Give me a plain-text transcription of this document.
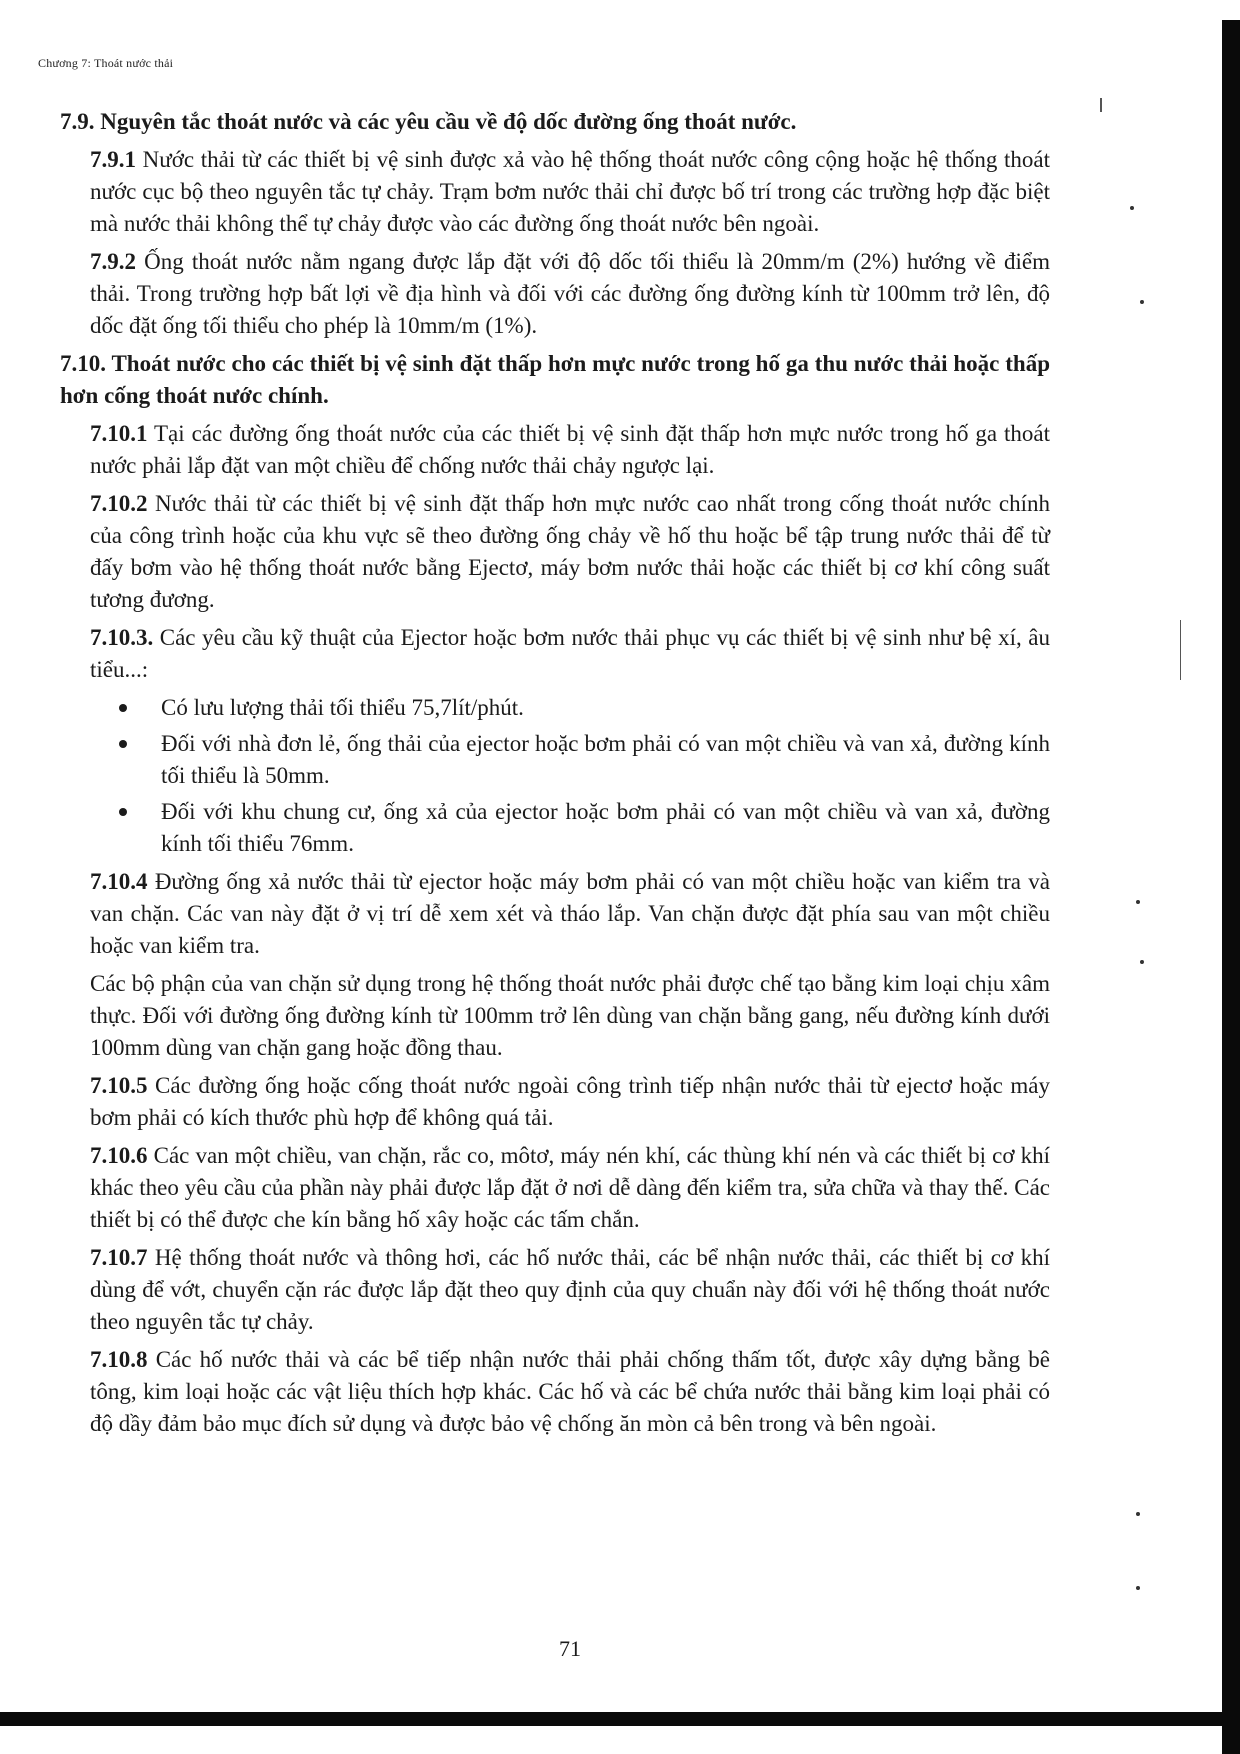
Chương 7: Thoát nước thải
7.9. Nguyên tắc thoát nước và các yêu cầu về độ dốc đường ống thoát nước.

7.9.1 Nước thải từ các thiết bị vệ sinh được xả vào hệ thống thoát nước công cộng hoặc hệ thống thoát nước cục bộ theo nguyên tắc tự chảy. Trạm bơm nước thải chỉ được bố trí trong các trường hợp đặc biệt mà nước thải không thể tự chảy được vào các đường ống thoát nước bên ngoài.

7.9.2 Ống thoát nước nằm ngang được lắp đặt với độ dốc tối thiểu là 20mm/m (2%) hướng về điểm thải. Trong trường hợp bất lợi về địa hình và đối với các đường ống đường kính từ 100mm trở lên, độ dốc đặt ống tối thiểu cho phép là 10mm/m (1%).

7.10. Thoát nước cho các thiết bị vệ sinh đặt thấp hơn mực nước trong hố ga thu nước thải hoặc thấp hơn cống thoát nước chính.

7.10.1 Tại các đường ống thoát nước của các thiết bị vệ sinh đặt thấp hơn mực nước trong hố ga thoát nước phải lắp đặt van một chiều để chống nước thải chảy ngược lại.

7.10.2 Nước thải từ các thiết bị vệ sinh đặt thấp hơn mực nước cao nhất trong cống thoát nước chính của công trình hoặc của khu vực sẽ theo đường ống chảy về hố thu hoặc bể tập trung nước thải để từ đấy bơm vào hệ thống thoát nước bằng Ejectơ, máy bơm nước thải hoặc các thiết bị cơ khí công suất tương đương.

7.10.3. Các yêu cầu kỹ thuật của Ejector hoặc bơm nước thải phục vụ các thiết bị vệ sinh như bệ xí, âu tiểu...:

Có lưu lượng thải tối thiểu 75,7lít/phút.
Đối với nhà đơn lẻ, ống thải của ejector hoặc bơm phải có van một chiều và van xả, đường kính tối thiểu là 50mm.
Đối với khu chung cư, ống xả của ejector hoặc bơm phải có van một chiều và van xả, đường kính tối thiểu 76mm.

7.10.4 Đường ống xả nước thải từ ejector hoặc máy bơm phải có van một chiều hoặc van kiểm tra và van chặn. Các van này đặt ở vị trí dễ xem xét và tháo lắp. Van chặn được đặt phía sau van một chiều hoặc van kiểm tra.

Các bộ phận của van chặn sử dụng trong hệ thống thoát nước phải được chế tạo bằng kim loại chịu xâm thực. Đối với đường ống đường kính từ 100mm trở lên dùng van chặn bằng gang, nếu đường kính dưới 100mm dùng van chặn gang hoặc đồng thau.

7.10.5 Các đường ống hoặc cống thoát nước ngoài công trình tiếp nhận nước thải từ ejectơ hoặc máy bơm phải có kích thước phù hợp để không quá tải.

7.10.6 Các van một chiều, van chặn, rắc co, môtơ, máy nén khí, các thùng khí nén và các thiết bị cơ khí khác theo yêu cầu của phần này phải được lắp đặt ở nơi dễ dàng đến kiểm tra, sửa chữa và thay thế. Các thiết bị có thể được che kín bằng hố xây hoặc các tấm chắn.

7.10.7 Hệ thống thoát nước và thông hơi, các hố nước thải, các bể nhận nước thải, các thiết bị cơ khí dùng để vớt, chuyển cặn rác được lắp đặt theo quy định của quy chuẩn này đối với hệ thống thoát nước theo nguyên tắc tự chảy.

7.10.8 Các hố nước thải và các bể tiếp nhận nước thải phải chống thấm tốt, được xây dựng bằng bê tông, kim loại hoặc các vật liệu thích hợp khác. Các hố và các bể chứa nước thải bằng kim loại phải có độ dầy đảm bảo mục đích sử dụng và được bảo vệ chống ăn mòn cả bên trong và bên ngoài.

71
